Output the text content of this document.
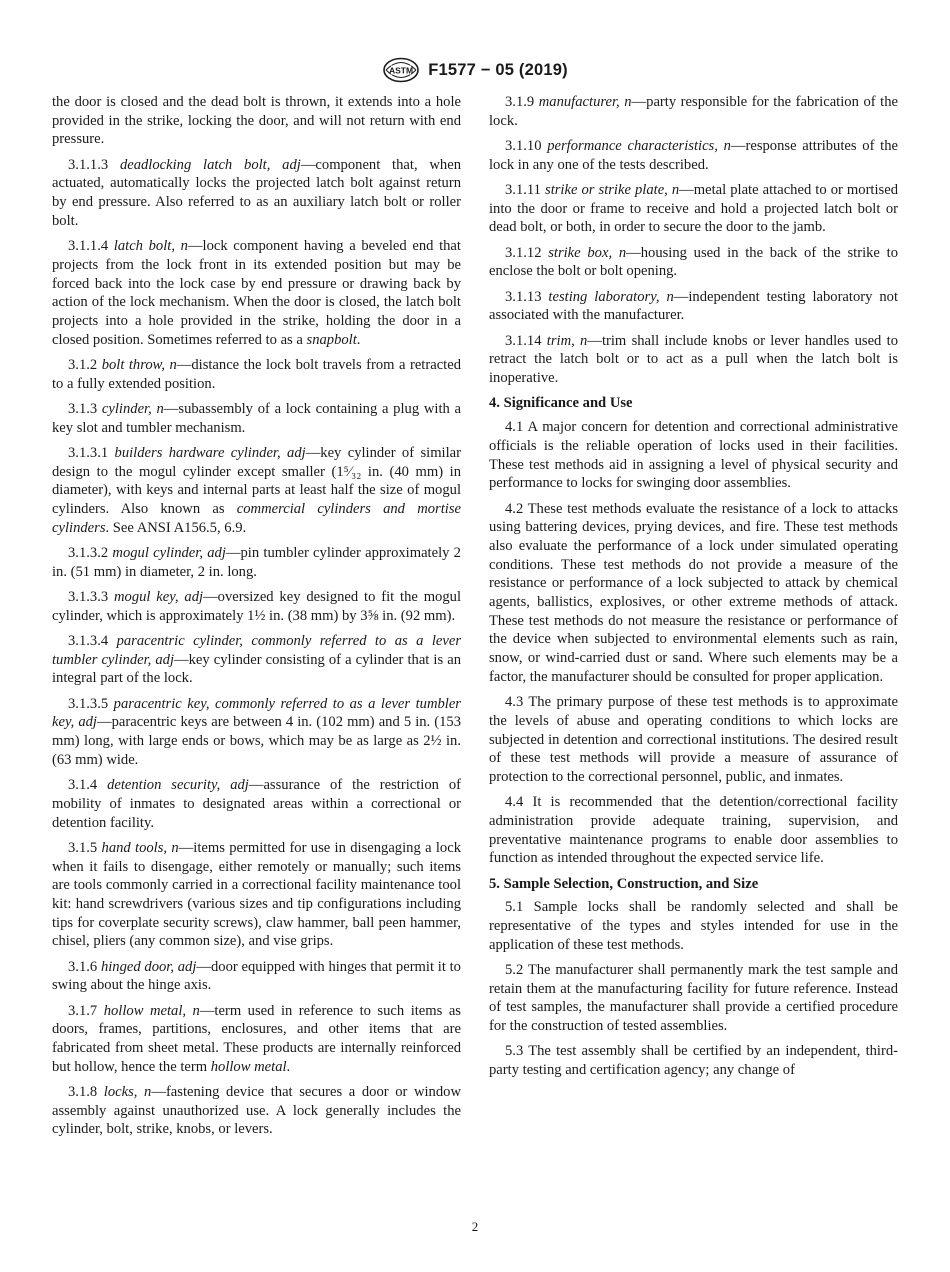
ASTM F1577 − 05 (2019)

the door is closed and the dead bolt is thrown, it extends into a hole provided in the strike, locking the door, and will not return with end pressure.

3.1.1.3 deadlocking latch bolt, adj—component that, when actuated, automatically locks the projected latch bolt against return by end pressure. Also referred to as an auxiliary latch bolt or roller bolt.

3.1.1.4 latch bolt, n—lock component having a beveled end that projects from the lock front in its extended position but may be forced back into the lock case by end pressure or drawing back by action of the lock mechanism. When the door is closed, the latch bolt projects into a hole provided in the strike, holding the door in a closed position. Sometimes referred to as a snapbolt.

3.1.2 bolt throw, n—distance the lock bolt travels from a retracted to a fully extended position.

3.1.3 cylinder, n—subassembly of a lock containing a plug with a key slot and tumbler mechanism.

3.1.3.1 builders hardware cylinder, adj—key cylinder of similar design to the mogul cylinder except smaller (1⁵⁄₃₂ in. (40 mm) in diameter), with keys and internal parts at least half the size of mogul cylinders. Also known as commercial cylinders and mortise cylinders. See ANSI A156.5, 6.9.

3.1.3.2 mogul cylinder, adj—pin tumbler cylinder approximately 2 in. (51 mm) in diameter, 2 in. long.

3.1.3.3 mogul key, adj—oversized key designed to fit the mogul cylinder, which is approximately 1½ in. (38 mm) by 3⅝ in. (92 mm).

3.1.3.4 paracentric cylinder, commonly referred to as a lever tumbler cylinder, adj—key cylinder consisting of a cylinder that is an integral part of the lock.

3.1.3.5 paracentric key, commonly referred to as a lever tumbler key, adj—paracentric keys are between 4 in. (102 mm) and 5 in. (153 mm) long, with large ends or bows, which may be as large as 2½ in. (63 mm) wide.

3.1.4 detention security, adj—assurance of the restriction of mobility of inmates to designated areas within a correctional or detention facility.

3.1.5 hand tools, n—items permitted for use in disengaging a lock when it fails to disengage, either remotely or manually; such items are tools commonly carried in a correctional facility maintenance tool kit: hand screwdrivers (various sizes and tip configurations including tips for coverplate security screws), claw hammer, ball peen hammer, chisel, pliers (any common size), and vise grips.

3.1.6 hinged door, adj—door equipped with hinges that permit it to swing about the hinge axis.

3.1.7 hollow metal, n—term used in reference to such items as doors, frames, partitions, enclosures, and other items that are fabricated from sheet metal. These products are internally reinforced but hollow, hence the term hollow metal.

3.1.8 locks, n—fastening device that secures a door or window assembly against unauthorized use. A lock generally includes the cylinder, bolt, strike, knobs, or levers.

3.1.9 manufacturer, n—party responsible for the fabrication of the lock.

3.1.10 performance characteristics, n—response attributes of the lock in any one of the tests described.

3.1.11 strike or strike plate, n—metal plate attached to or mortised into the door or frame to receive and hold a projected latch bolt or dead bolt, or both, in order to secure the door to the jamb.

3.1.12 strike box, n—housing used in the back of the strike to enclose the bolt or bolt opening.

3.1.13 testing laboratory, n—independent testing laboratory not associated with the manufacturer.

3.1.14 trim, n—trim shall include knobs or lever handles used to retract the latch bolt or to act as a pull when the latch bolt is inoperative.

4. Significance and Use

4.1 A major concern for detention and correctional administrative officials is the reliable operation of locks used in their facilities. These test methods aid in assigning a level of physical security and performance to locks for swinging door assemblies.

4.2 These test methods evaluate the resistance of a lock to attacks using battering devices, prying devices, and fire. These test methods also evaluate the performance of a lock under simulated operating conditions. These test methods do not provide a measure of the resistance or performance of a lock subjected to attack by chemical agents, ballistics, explosives, or other extreme methods of attack. These test methods do not measure the resistance or performance of the device when subjected to environmental elements such as rain, snow, or wind-carried dust or sand. Where such elements may be a factor, the manufacturer should be consulted for proper application.

4.3 The primary purpose of these test methods is to approximate the levels of abuse and operating conditions to which locks are subjected in detention and correctional institutions. The desired result of these test methods will provide a measure of assurance of protection to the correctional personnel, public, and inmates.

4.4 It is recommended that the detention/correctional facility administration provide adequate training, supervision, and preventative maintenance programs to enable door assemblies to function as intended throughout the expected service life.

5. Sample Selection, Construction, and Size

5.1 Sample locks shall be randomly selected and shall be representative of the types and styles intended for use in the application of these test methods.

5.2 The manufacturer shall permanently mark the test sample and retain them at the manufacturing facility for future reference. Instead of test samples, the manufacturer shall provide a certified procedure for the construction of tested assemblies.

5.3 The test assembly shall be certified by an independent, third-party testing and certification agency; any change of

2
